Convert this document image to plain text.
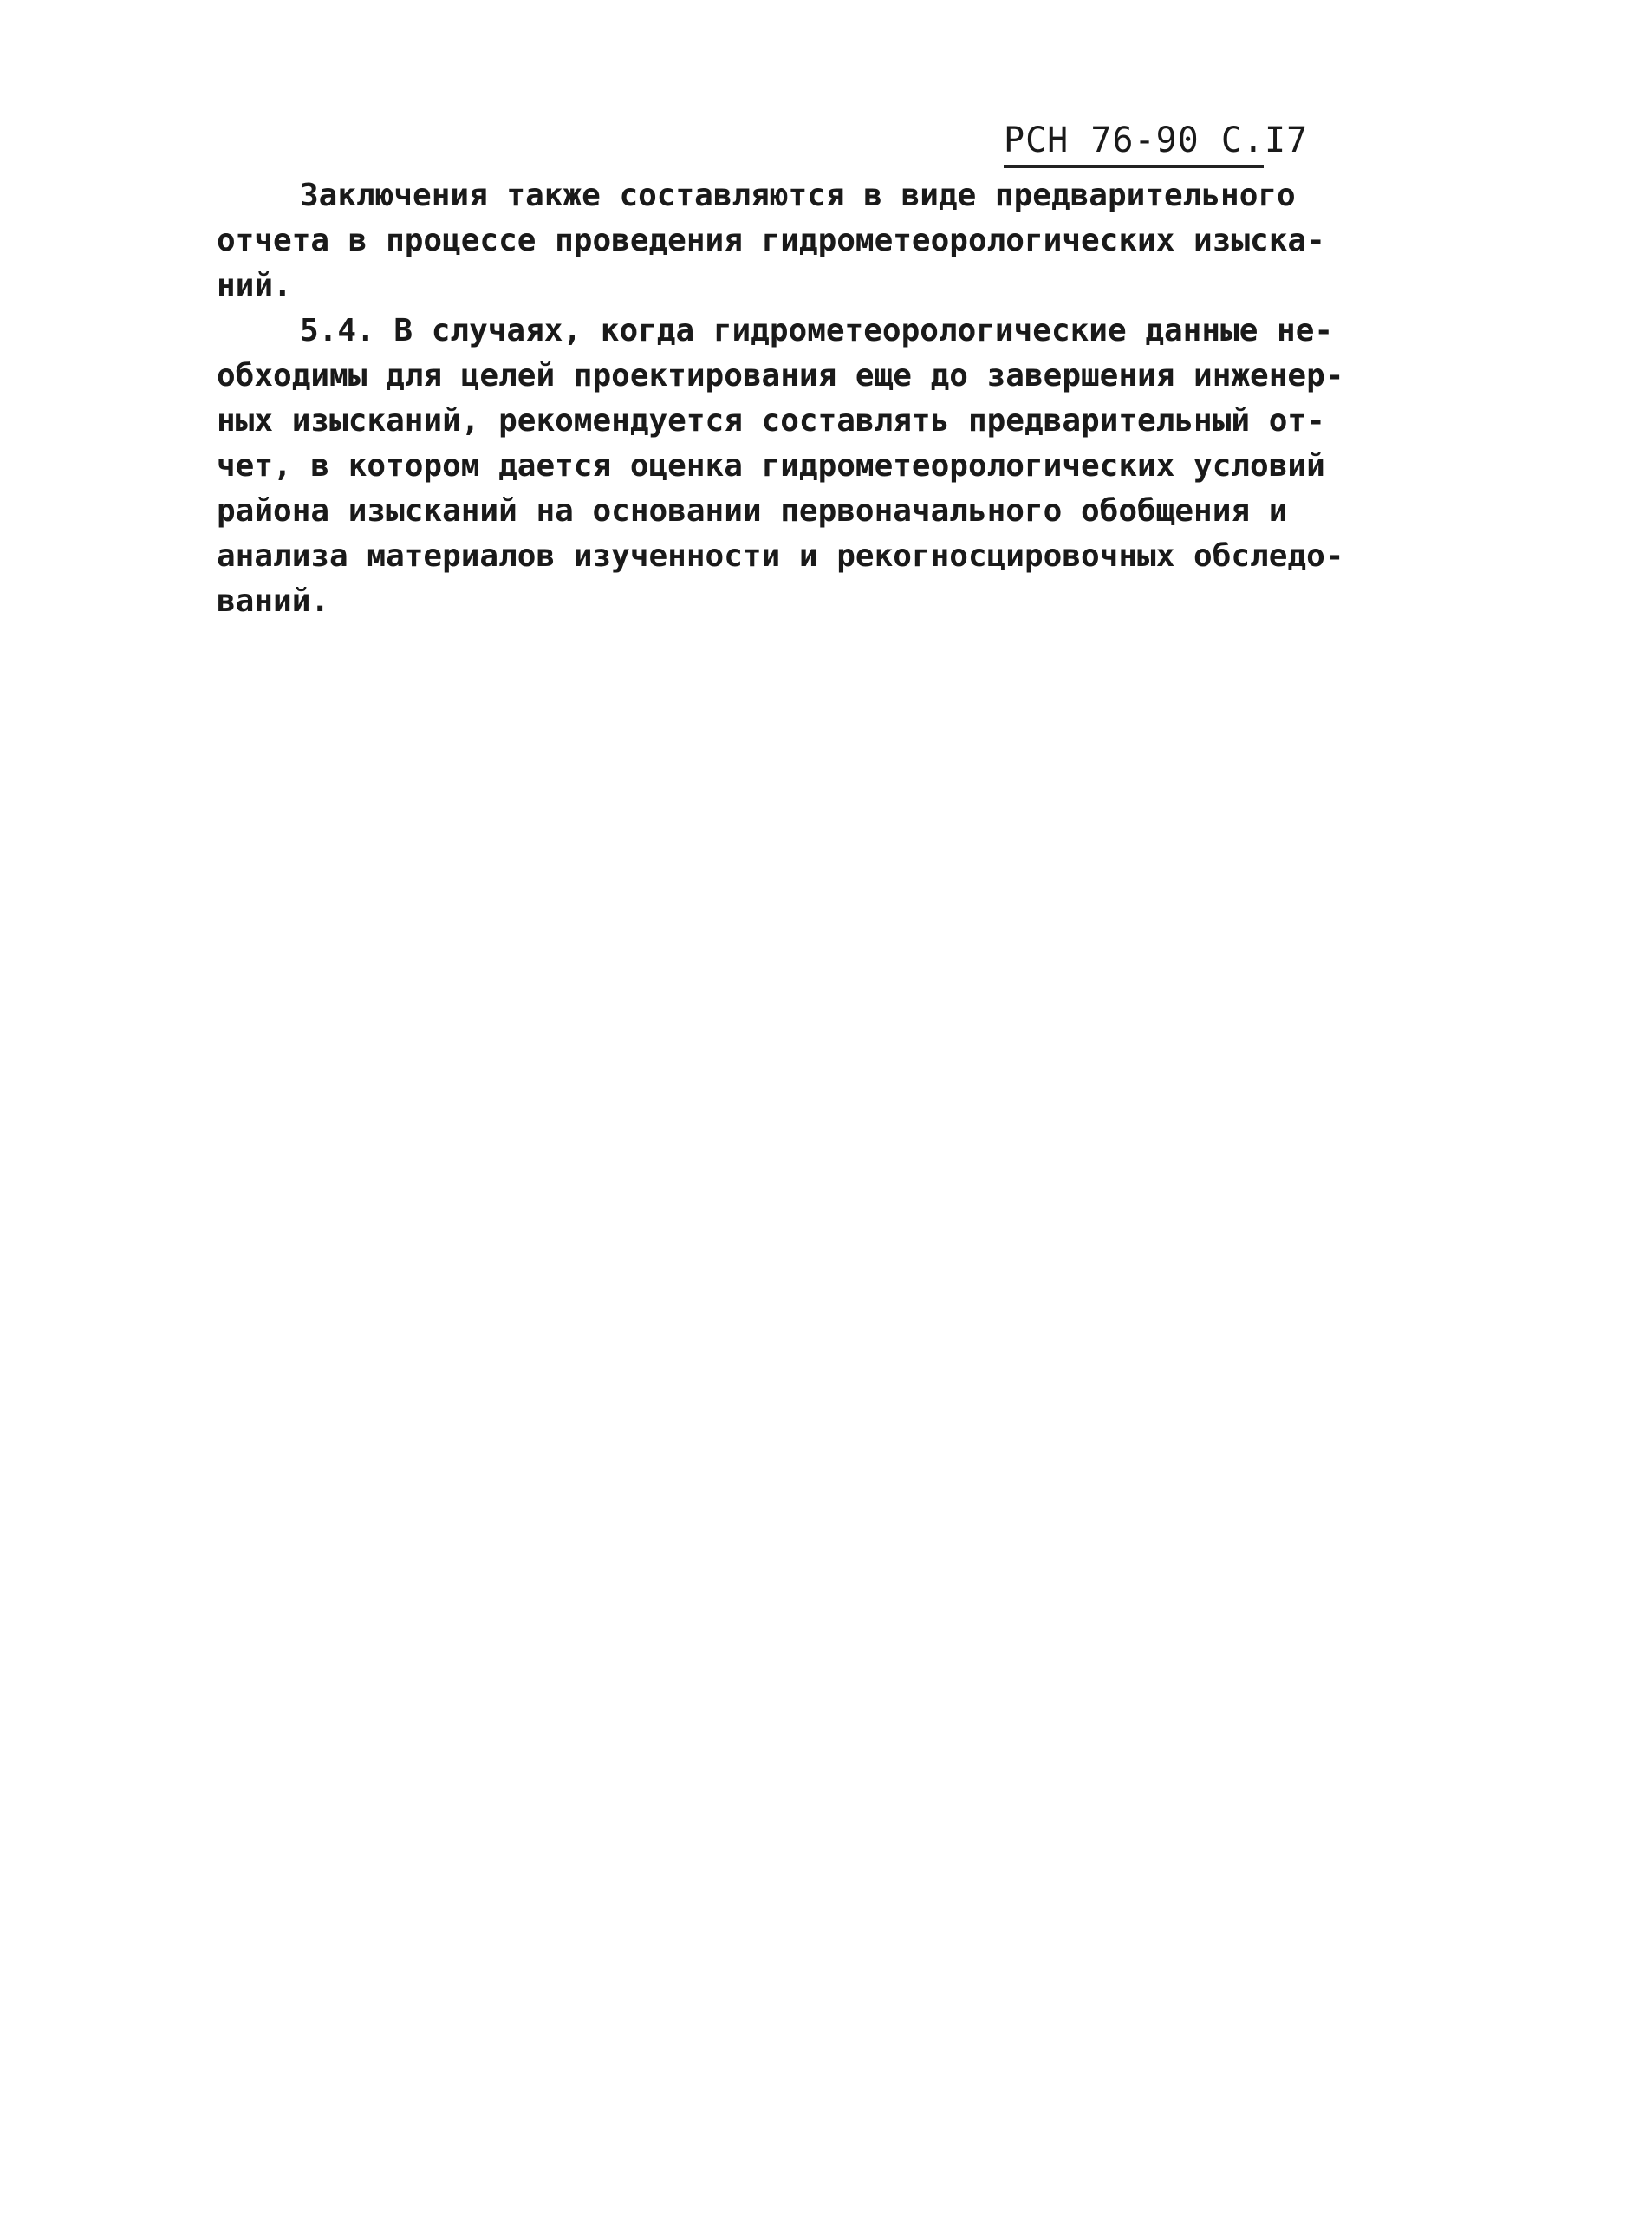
РСН 76-90 С.I7
Заключения также составляются в виде предварительного
отчета в процессе проведения гидрометеорологических изыска-
ний.
5.4. В случаях, когда гидрометеорологические данные не-
обходимы для целей проектирования еще до завершения инженер-
ных изысканий, рекомендуется составлять предварительный от-
чет, в котором дается оценка гидрометеорологических условий
района изысканий на основании первоначального обобщения и
анализа материалов изученности и рекогносцировочных обследо-
ваний.
